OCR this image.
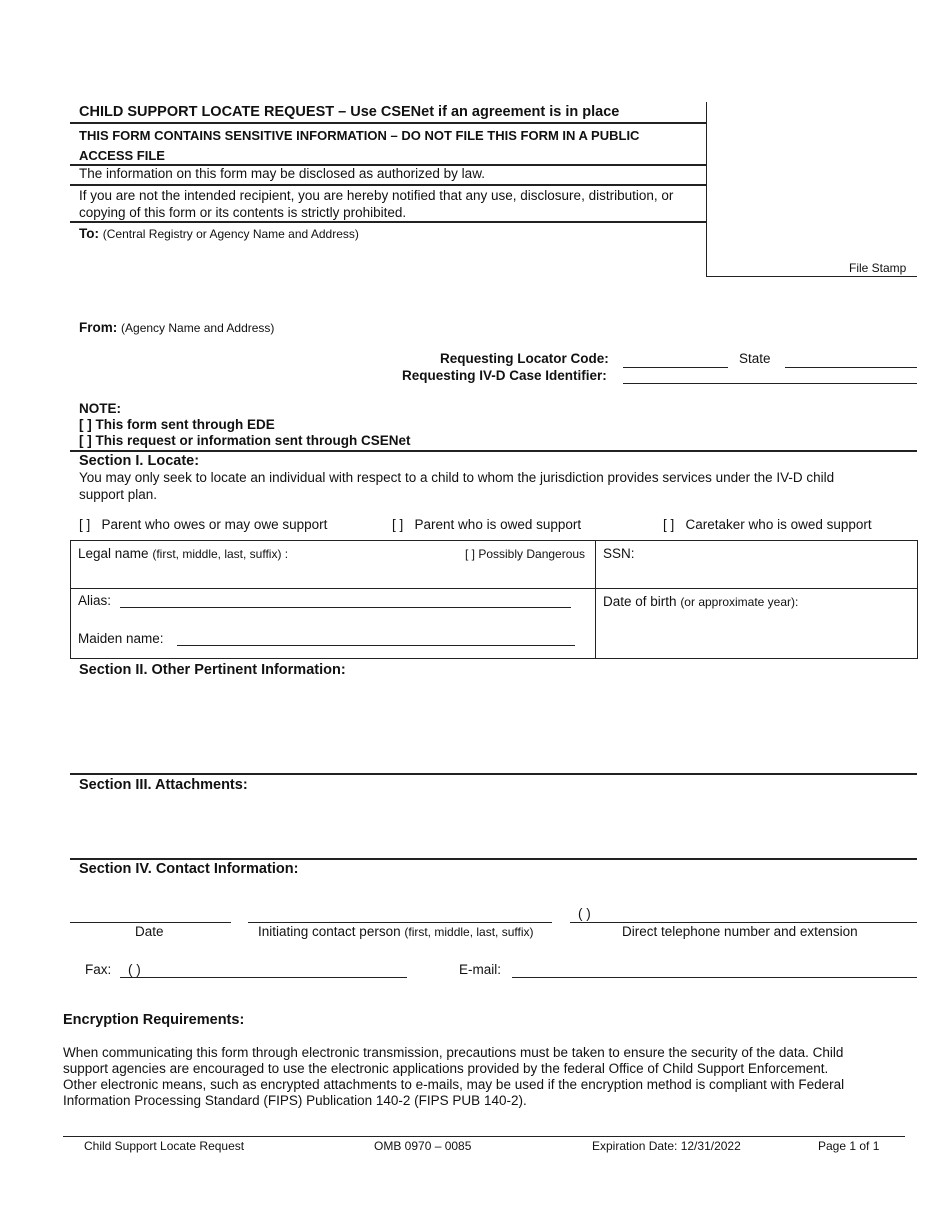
CHILD SUPPORT LOCATE REQUEST – Use CSENet if an agreement is in place
THIS FORM CONTAINS SENSITIVE INFORMATION – DO NOT FILE THIS FORM IN A PUBLIC
ACCESS FILE
The information on this form may be disclosed as authorized by law.
If you are not the intended recipient, you are hereby notified that any use, disclosure, distribution, or
copying of this form or its contents is strictly prohibited.
To: (Central Registry or Agency Name and Address)
File Stamp
From: (Agency Name and Address)
Requesting Locator Code:	State
Requesting IV-D Case Identifier:
NOTE:
[ ] This form sent through EDE
[ ] This request or information sent through CSENet
Section I. Locate:
You may only seek to locate an individual with respect to a child to whom the jurisdiction provides services under the IV-D child
support plan.
[ ] Parent who owes or may owe support	[ ] Parent who is owed support	[ ] Caretaker who is owed support
Legal name (first, middle, last, suffix) :	[ ] Possibly Dangerous SSN:
Alias:
Maiden name:
Date of birth (or approximate year):
Section II. Other Pertinent Information:
Section III. Attachments:
Section IV. Contact Information:
( )
Date	Initiating contact person (first, middle, last, suffix)	Direct telephone number and extension
Fax: ( )	E-mail:
Encryption Requirements:
When communicating this form through electronic transmission, precautions must be taken to ensure the security of the data. Child
support agencies are encouraged to use the electronic applications provided by the federal Office of Child Support Enforcement.
Other electronic means, such as encrypted attachments to e-mails, may be used if the encryption method is compliant with Federal
Information Processing Standard (FIPS) Publication 140-2 (FIPS PUB 140-2).
Child Support Locate Request	OMB 0970 – 0085	Expiration Date: 12/31/2022	Page 1 of 1
